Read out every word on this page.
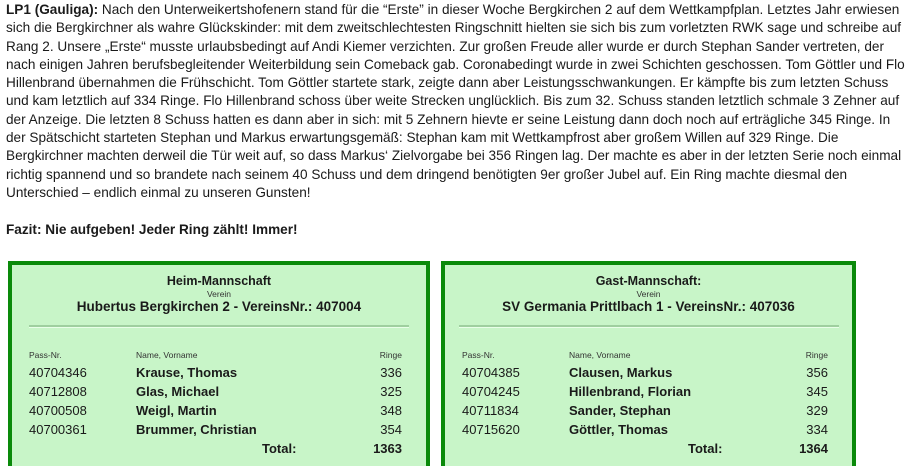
LP1 (Gauliga): Nach den Unterweikertshofenern stand für die “Erste” in dieser Woche Bergkirchen 2 auf dem Wettkampfplan. Letztes Jahr erwiesen sich die Bergkirchner als wahre Glückskinder: mit dem zweitschlechtesten Ringschnitt hielten sie sich bis zum vorletzten RWK sage und schreibe auf Rang 2. Unsere „Erste“ musste urlaubsbedingt auf Andi Kiemer verzichten. Zur großen Freude aller wurde er durch Stephan Sander vertreten, der nach einigen Jahren berufsbegleitender Weiterbildung sein Comeback gab. Coronabedingt wurde in zwei Schichten geschossen. Tom Göttler und Flo Hillenbrand übernahmen die Frühschicht. Tom Göttler startete stark, zeigte dann aber Leistungsschwankungen. Er kämpfte bis zum letzten Schuss und kam letztlich auf 334 Ringe. Flo Hillenbrand schoss über weite Strecken unglücklich. Bis zum 32. Schuss standen letztlich schmale 3 Zehner auf der Anzeige. Die letzten 8 Schuss hatten es dann aber in sich: mit 5 Zehnern hievte er seine Leistung dann doch noch auf erträgliche 345 Ringe. In der Spätschicht starteten Stephan und Markus erwartungsgemäß: Stephan kam mit Wettkampfrost aber großem Willen auf 329 Ringe. Die Bergkirchner machten derweil die Tür weit auf, so dass Markus‘ Zielvorgabe bei 356 Ringen lag. Der machte es aber in der letzten Serie noch einmal richtig spannend und so brandete nach seinem 40 Schuss und dem dringend benötigten 9er großer Jubel auf. Ein Ring machte diesmal den Unterschied – endlich einmal zu unseren Gunsten!

Fazit: Nie aufgeben! Jeder Ring zählt! Immer!

Heim-Mannschaft
Verein
Hubertus Bergkirchen 2 - VereinsNr.: 407004
Pass-Nr.	Name, Vorname	Ringe
40704346	Krause, Thomas	336
40712808	Glas, Michael	325
40700508	Weigl, Martin	348
40700361	Brummer, Christian	354
Total:	1363
Gast-Mannschaft:
Verein
SV Germania Prittlbach 1 - VereinsNr.: 407036
Pass-Nr.	Name, Vorname	Ringe
40704385	Clausen, Markus	356
40704245	Hillenbrand, Florian	345
40711834	Sander, Stephan	329
40715620	Göttler, Thomas	334
Total:	1364
